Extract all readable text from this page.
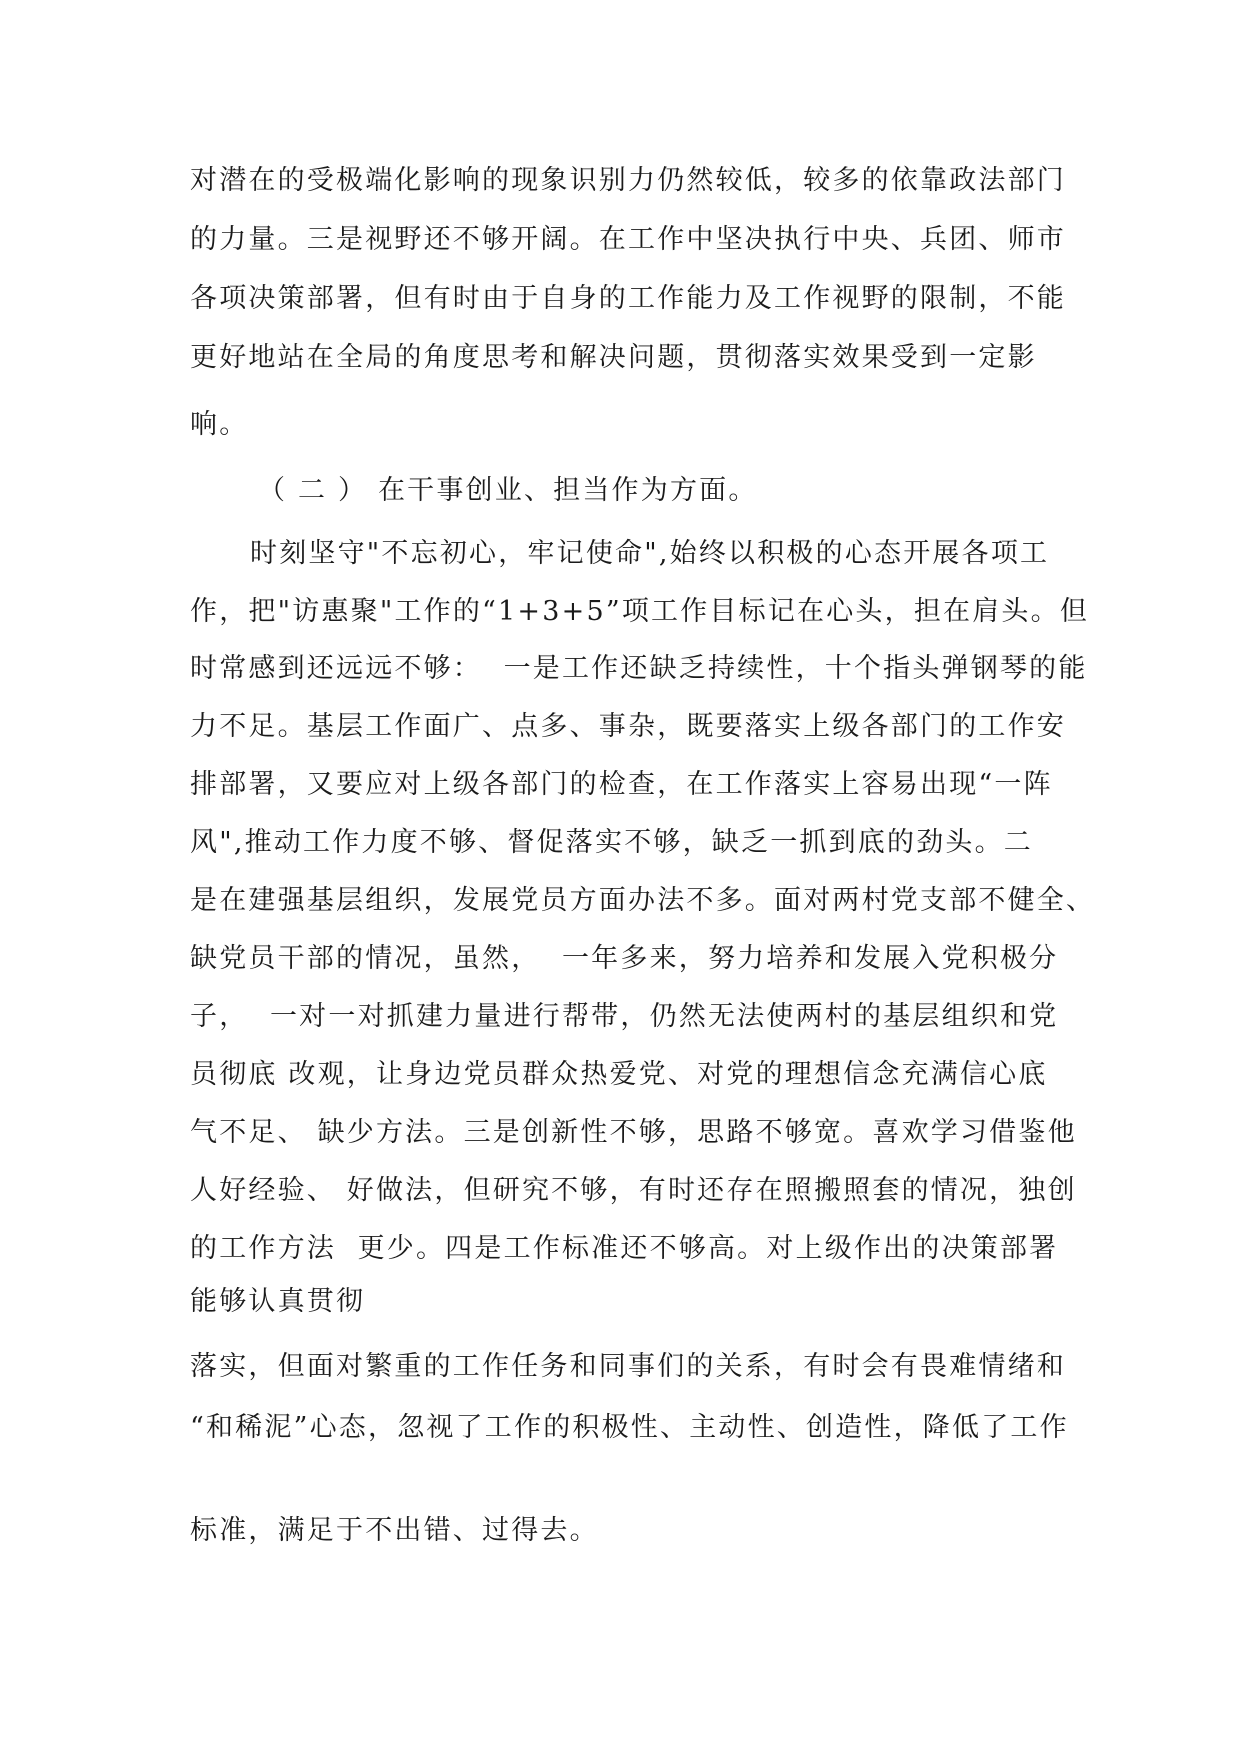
对潜在的受极端化影响的现象识别力仍然较低，较多的依靠政法部门
的力量。三是视野还不够开阔。在工作中坚决执行中央、兵团、师市
各项决策部署，但有时由于自身的工作能力及工作视野的限制，不能
更好地站在全局的角度思考和解决问题，贯彻落实效果受到一定影
响。
（ 二 ） 在干事创业、担当作为方面。
时刻坚守"不忘初心，牢记使命",始终以积极的心态开展各项工
作，把"访惠聚"工作的“1+3+5”项工作目标记在心头，担在肩头。但
时常感到还远远不够：  一是工作还缺乏持续性，十个指头弹钢琴的能
力不足。基层工作面广、点多、事杂，既要落实上级各部门的工作安
排部署，又要应对上级各部门的检查，在工作落实上容易出现“一阵
风",推动工作力度不够、督促落实不够，缺乏一抓到底的劲头。二
是在建强基层组织，发展党员方面办法不多。面对两村党支部不健全、
缺党员干部的情况，虽然，  一年多来，努力培养和发展入党积极分
子，  一对一对抓建力量进行帮带，仍然无法使两村的基层组织和党
员彻底 改观，让身边党员群众热爱党、对党的理想信念充满信心底
气不足、 缺少方法。三是创新性不够，思路不够宽。喜欢学习借鉴他
人好经验、 好做法，但研究不够，有时还存在照搬照套的情况，独创
的工作方法  更少。四是工作标准还不够高。对上级作出的决策部署
能够认真贯彻
落实，但面对繁重的工作任务和同事们的关系，有时会有畏难情绪和
“和稀泥”心态，忽视了工作的积极性、主动性、创造性，降低了工作
标准，满足于不出错、过得去。
